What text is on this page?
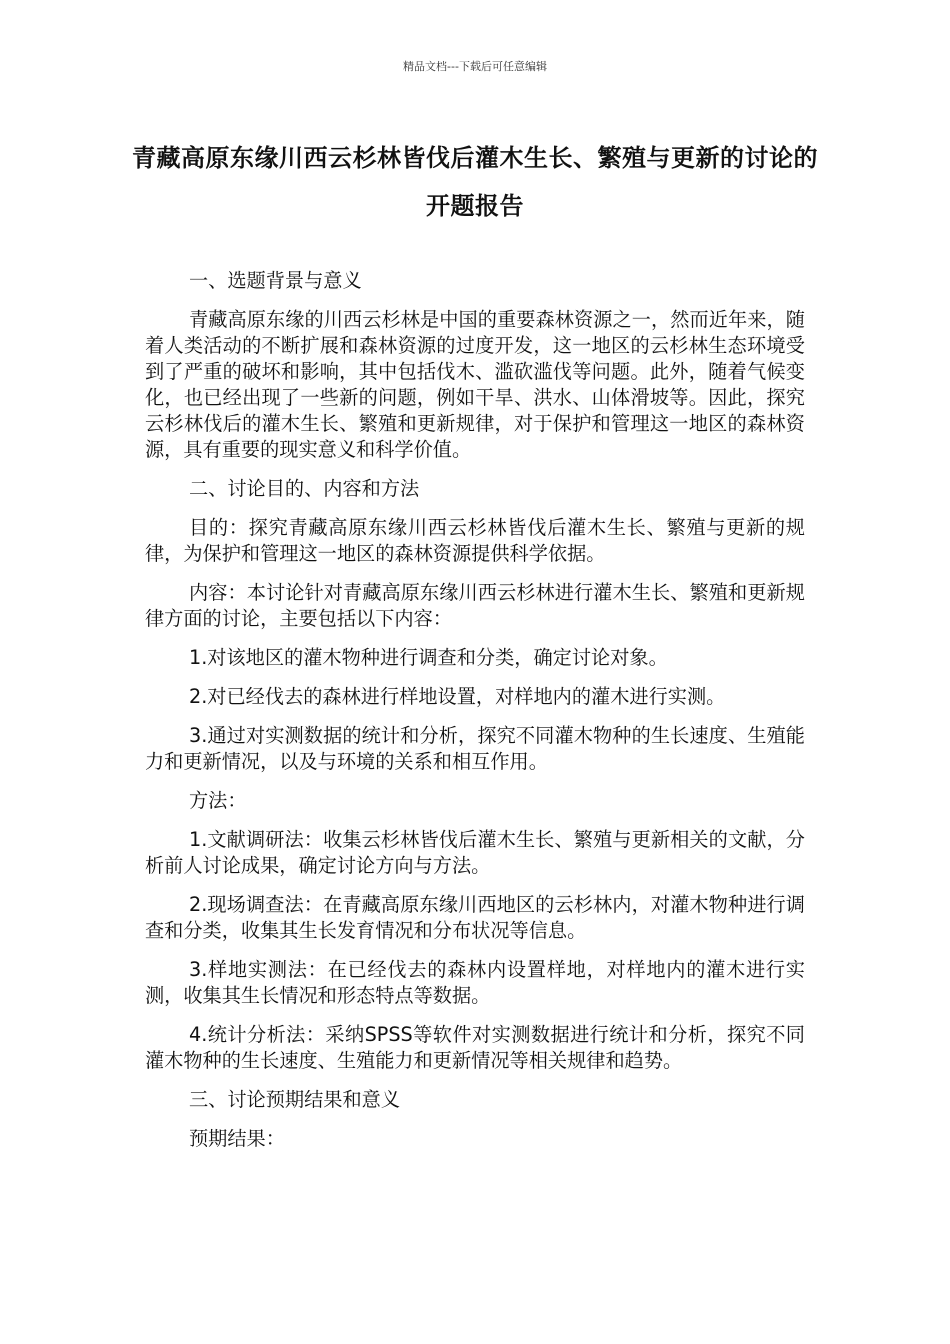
精品文档---下载后可任意编辑
青藏高原东缘川西云杉林皆伐后灌木生长、繁殖与更新的讨论的开题报告

一、选题背景与意义

青藏高原东缘的川西云杉林是中国的重要森林资源之一，然而近年来，随着人类活动的不断扩展和森林资源的过度开发，这一地区的云杉林生态环境受到了严重的破坏和影响，其中包括伐木、滥砍滥伐等问题。此外，随着气候变化，也已经出现了一些新的问题，例如干旱、洪水、山体滑坡等。因此，探究云杉林伐后的灌木生长、繁殖和更新规律，对于保护和管理这一地区的森林资源，具有重要的现实意义和科学价值。

二、讨论目的、内容和方法

目的：探究青藏高原东缘川西云杉林皆伐后灌木生长、繁殖与更新的规律，为保护和管理这一地区的森林资源提供科学依据。

内容：本讨论针对青藏高原东缘川西云杉林进行灌木生长、繁殖和更新规律方面的讨论，主要包括以下内容：

1.对该地区的灌木物种进行调查和分类，确定讨论对象。

2.对已经伐去的森林进行样地设置，对样地内的灌木进行实测。

3.通过对实测数据的统计和分析，探究不同灌木物种的生长速度、生殖能力和更新情况，以及与环境的关系和相互作用。

方法：

1.文献调研法：收集云杉林皆伐后灌木生长、繁殖与更新相关的文献，分析前人讨论成果，确定讨论方向与方法。

2.现场调查法：在青藏高原东缘川西地区的云杉林内，对灌木物种进行调查和分类，收集其生长发育情况和分布状况等信息。

3.样地实测法：在已经伐去的森林内设置样地，对样地内的灌木进行实测，收集其生长情况和形态特点等数据。

4.统计分析法：采纳SPSS等软件对实测数据进行统计和分析，探究不同灌木物种的生长速度、生殖能力和更新情况等相关规律和趋势。

三、讨论预期结果和意义

预期结果：
